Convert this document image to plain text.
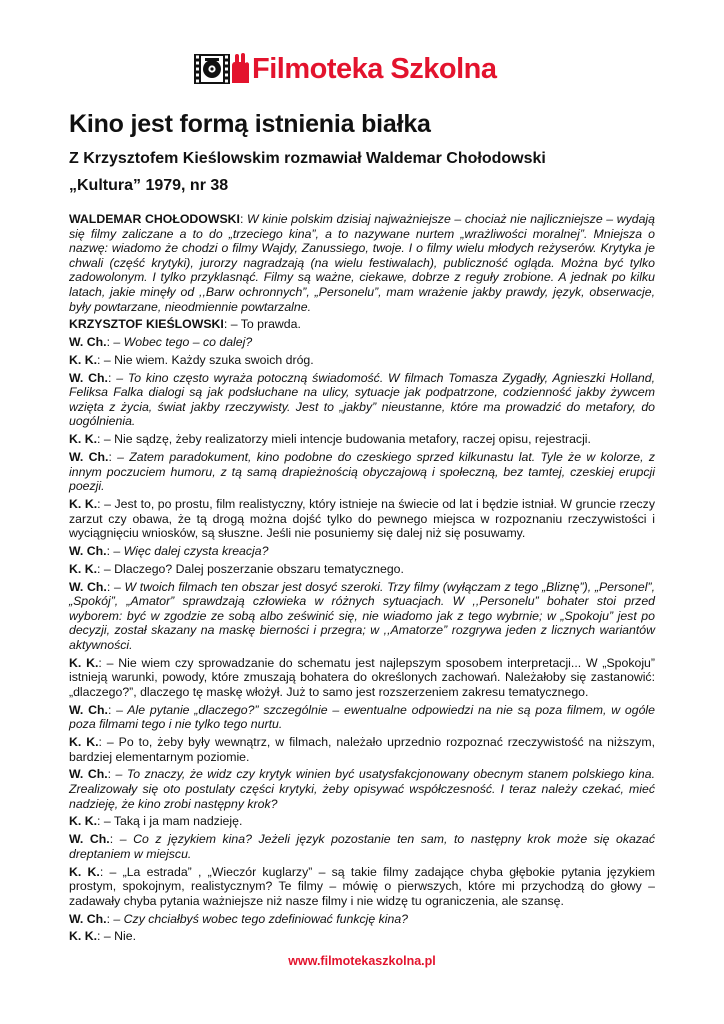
Filmoteka Szkolna
Kino jest formą istnienia białka
Z Krzysztofem Kieślowskim rozmawiał Waldemar Chołodowski
„Kultura” 1979, nr 38

WALDEMAR CHOŁODOWSKI: W kinie polskim dzisiaj najważniejsze – chociaż nie najliczniejsze – wydają się filmy zaliczane a to do „trzeciego kina”, a to nazywane nurtem „wrażliwości moralnej”. Mniejsza o nazwę: wiadomo że chodzi o filmy Wajdy, Zanussiego, twoje. I o filmy wielu młodych reżyserów. Krytyka je chwali (część krytyki), jurorzy nagradzają (na wielu festiwalach), publiczność ogląda. Można być tylko zadowolonym. I tylko przyklasnąć. Filmy są ważne, ciekawe, dobrze z reguły zrobione. A jednak po kilku latach, jakie minęły od ,,Barw ochronnych”, „Personelu”, mam wrażenie jakby prawdy, język, obserwacje, były powtarzane, nieodmiennie powtarzalne.

KRZYSZTOF KIEŚLOWSKI: – To prawda.

W. Ch.: – Wobec tego – co dalej?

K. K.: – Nie wiem. Każdy szuka swoich dróg.

W. Ch.: – To kino często wyraża potoczną świadomość. W filmach Tomasza Zygadły, Agnieszki Holland, Feliksa Falka dialogi są jak podsłuchane na ulicy, sytuacje jak podpatrzone, codzienność jakby żywcem wzięta z życia, świat jakby rzeczywisty. Jest to „jakby” nieustanne, które ma prowadzić do metafory, do uogólnienia.

K. K.: – Nie sądzę, żeby realizatorzy mieli intencje budowania metafory, raczej opisu, rejestracji.

W. Ch.: – Zatem paradokument, kino podobne do czeskiego sprzed kilkunastu lat. Tyle że w kolorze, z innym poczuciem humoru, z tą samą drapieżnością obyczajową i społeczną, bez tamtej, czeskiej erupcji poezji.

K. K.: – Jest to, po prostu, film realistyczny, który istnieje na świecie od lat i będzie istniał. W gruncie rzeczy zarzut czy obawa, że tą drogą można dojść tylko do pewnego miejsca w rozpoznaniu rzeczywistości i wyciągnięciu wniosków, są słuszne. Jeśli nie posuniemy się dalej niż się posuwamy.

W. Ch.: – Więc dalej czysta kreacja?

K. K.: – Dlaczego? Dalej poszerzanie obszaru tematycznego.

W. Ch.: – W twoich filmach ten obszar jest dosyć szeroki. Trzy filmy (wyłączam z tego „Bliznę”), „Personel”, „Spokój”, „Amator” sprawdzają człowieka w różnych sytuacjach. W ,,Personelu” bohater stoi przed wyborem: być w zgodzie ze sobą albo ześwinić się, nie wiadomo jak z tego wybrnie; w „Spokoju” jest po decyzji, został skazany na maskę bierności i przegra; w ,,Amatorze” rozgrywa jeden z licznych wariantów aktywności.

K. K.: – Nie wiem czy sprowadzanie do schematu jest najlepszym sposobem interpretacji... W „Spokoju” istnieją warunki, powody, które zmuszają bohatera do określonych zachowań. Należałoby się zastanowić: „dlaczego?”, dlaczego tę maskę włożył. Już to samo jest rozszerzeniem zakresu tematycznego.

W. Ch.: – Ale pytanie „dlaczego?” szczególnie – ewentualne odpowiedzi na nie są poza filmem, w ogóle poza filmami tego i nie tylko tego nurtu.

K. K.: – Po to, żeby były wewnątrz, w filmach, należało uprzednio rozpoznać rzeczywistość na niższym, bardziej elementarnym poziomie.

W. Ch.: – To znaczy, że widz czy krytyk winien być usatysfakcjonowany obecnym stanem polskiego kina. Zrealizowały się oto postulaty części krytyki, żeby opisywać współczesność. I teraz należy czekać, mieć nadzieję, że kino zrobi następny krok?

K. K.: – Taką i ja mam nadzieję.

W. Ch.: – Co z językiem kina? Jeżeli język pozostanie ten sam, to następny krok może się okazać dreptaniem w miejscu.

K. K.: – „La estrada” , „Wieczór kuglarzy” – są takie filmy zadające chyba głębokie pytania językiem prostym, spokojnym, realistycznym? Te filmy – mówię o pierwszych, które mi przychodzą do głowy – zadawały chyba pytania ważniejsze niż nasze filmy i nie widzę tu ograniczenia, ale szansę.

W. Ch.: – Czy chciałbyś wobec tego zdefiniować funkcję kina?

K. K.: – Nie.

www.filmotekaszkolna.pl
